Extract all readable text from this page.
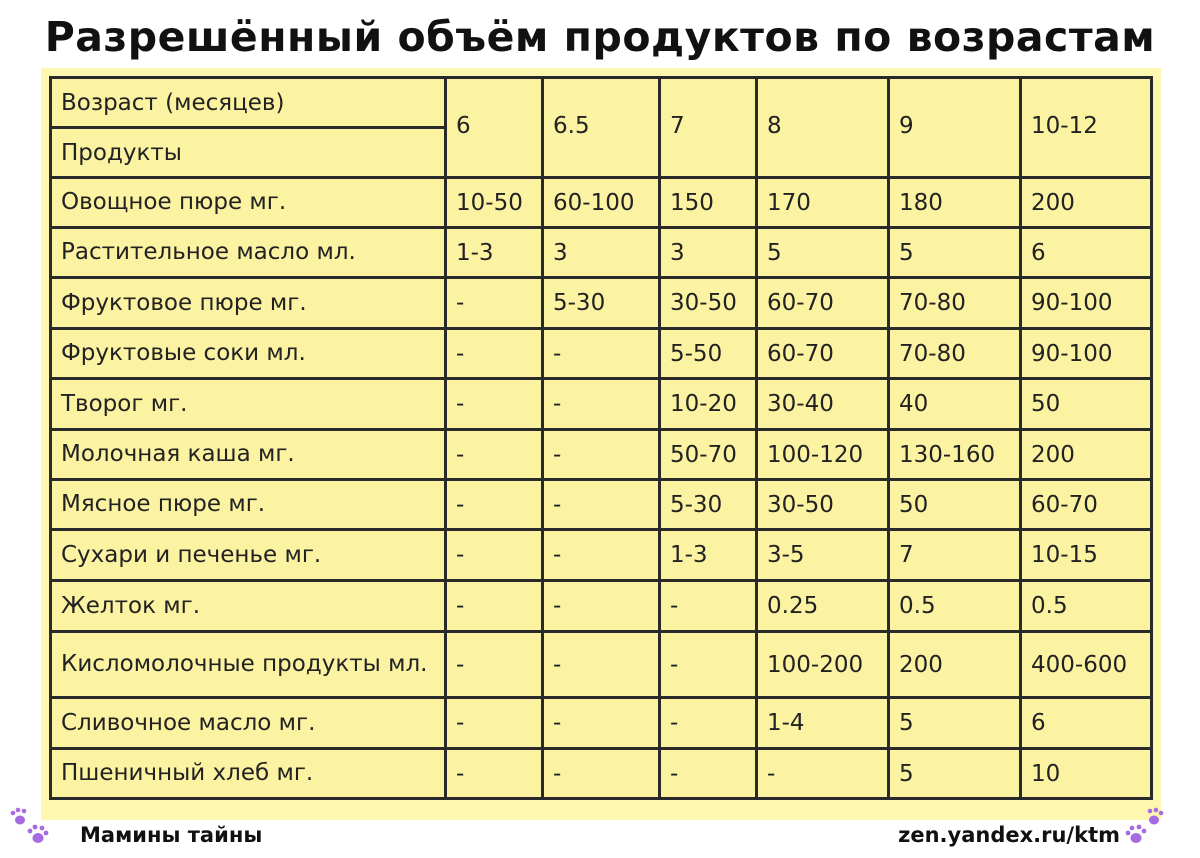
Разрешённый объём продуктов по возрастам
Возраст (месяцев)	6	6.5	7	8	9	10-12
Продукты						
Овощное пюре мг.	10-50	60-100	150	170	180	200
Растительное масло мл.	1-3	3	3	5	5	6
Фруктовое пюре мг.	-	5-30	30-50	60-70	70-80	90-100
Фруктовые соки мл.	-	-	5-50	60-70	70-80	90-100
Творог мг.	-	-	10-20	30-40	40	50
Молочная каша мг.	-	-	50-70	100-120	130-160	200
Мясное пюре мг.	-	-	5-30	30-50	50	60-70
Сухари и печенье мг.	-	-	1-3	3-5	7	10-15
Желток мг.	-	-	-	0.25	0.5	0.5
Кисломолочные продукты мл.	-	-	-	100-200	200	400-600
Сливочное масло мг.	-	-	-	1-4	5	6
Пшеничный хлеб мг.	-	-	-	-	5	10
Мамины тайны	zen.yandex.ru/ktm
